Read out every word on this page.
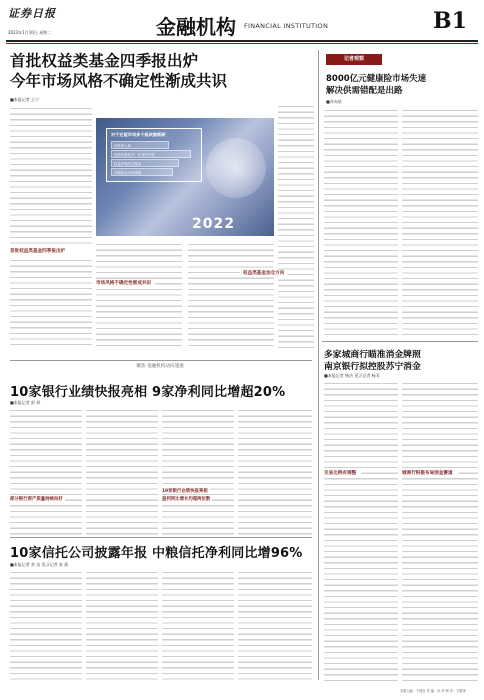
证券日报
2023年1月10日 星期二	金融机构 FINANCIAL INSTITUTION	B1
首批权益类基金四季报出炉
今年市场风格不确定性渐成共识
■本报记者 王宁
首批权益类基金四季报出炉
对于还能市场多个板块做新刷
投资者入场
投资有增有开：年有所开张
权益开始关注基金
本期基金市场规模
2022
市场风格不确定性渐成共识
权益类基金加仓方向
记者观察
8000亿元健康险市场失速
解决供需错配是出路
■苏向杲
多家城商行瞄准消金牌照
南京银行拟控股苏宁消金
■本报记者 杨洁 见习记者 杨菲
交易比例有调整	城商行积极布局消金赛道
聚焦·金融机构动向速递
10家银行业绩快报亮相 9家净利同比增超20%
■本报记者 彭 妍
部分银行资产质量持续向好
19家银行业绩快报亮相
盈利同比增长均超两位数
10家信托公司披露年报 中粮信托净利同比增96%
■本报记者 余 洁 见习记者 张 燕
本版主编：于德良 责 编：孙 华 制 作：王敬涛
